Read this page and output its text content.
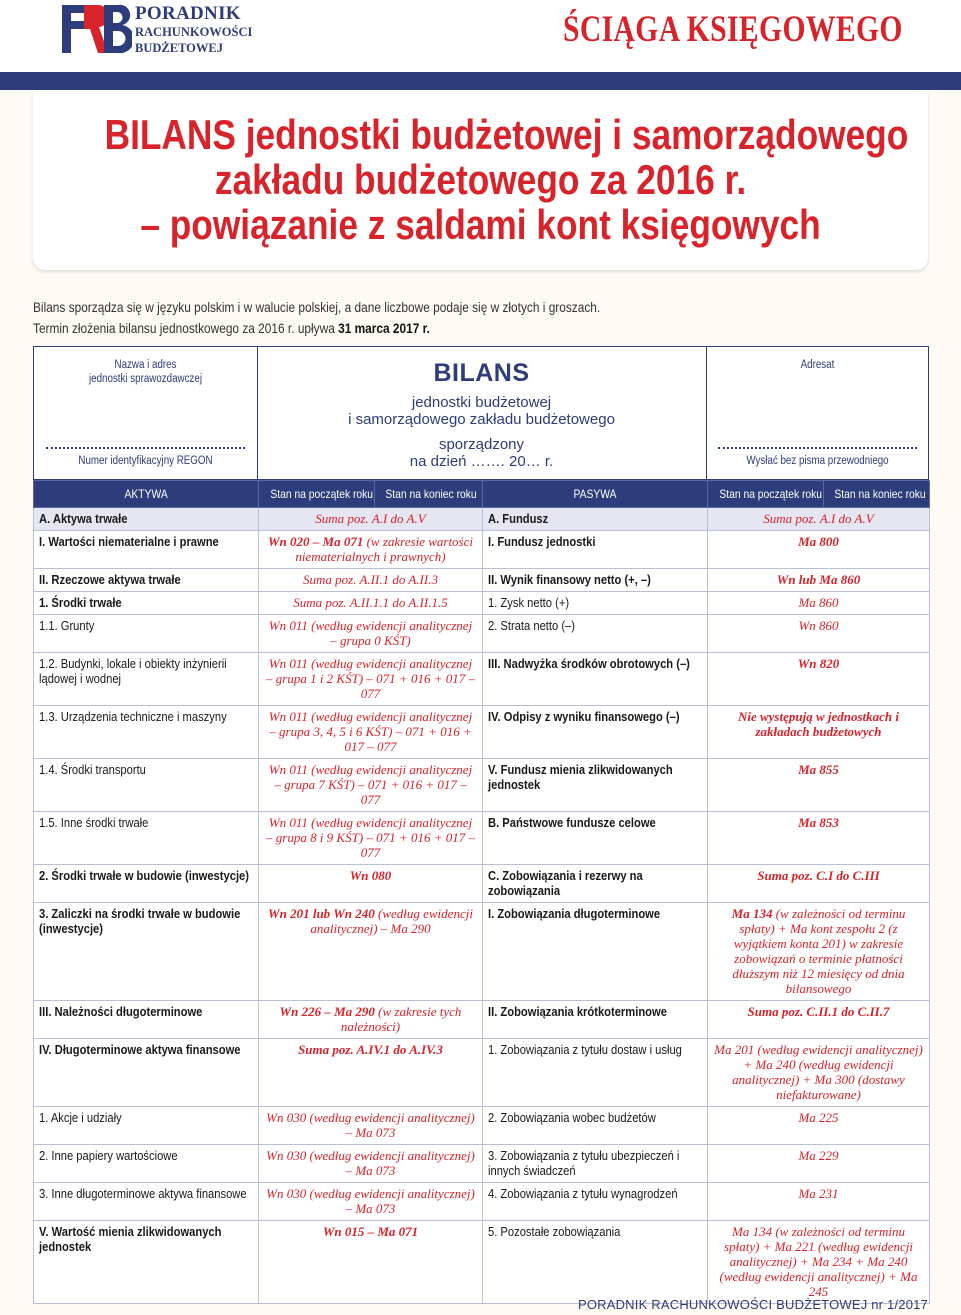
PORADNIK
RACHUNKOWOŚCI
BUDŻETOWEJ	ŚCIĄGA KSIĘGOWEGO
BILANS jednostki budżetowej i samorządowego
zakładu budżetowego za 2016 r.
– powiązanie z saldami kont księgowych
Bilans sporządza się w języku polskim i w walucie polskiej, a dane liczbowe podaje się w złotych i groszach.
Termin złożenia bilansu jednostkowego za 2016 r. upływa 31 marca 2017 r.
Nazwa i adres
jednostki sprawozdawczej
Numer identyfikacyjny REGON
BILANS
jednostki budżetowej
i samorządowego zakładu budżetowego
sporządzony
na dzień ……. 20… r.
Adresat
Wysłać bez pisma przewodniego
AKTYWA	Stan na początek roku	Stan na koniec roku	PASYWA	Stan na początek roku	Stan na koniec roku

A. Aktywa trwałe	Suma poz. A.I do A.V		A. Fundusz	Suma poz. A.I do A.V	

I. Wartości niematerialne i prawne	Wn 020 – Ma 071 (w zakresie wartości niematerialnych i prawnych)		I. Fundusz jednostki	Ma 800	

II. Rzeczowe aktywa trwałe	Suma poz. A.II.1 do A.II.3		II. Wynik finansowy netto (+, –)	Wn lub Ma 860	

1. Środki trwałe	Suma poz. A.II.1.1 do A.II.1.5		1. Zysk netto (+)	Ma 860	

1.1. Grunty	Wn 011 (według ewidencji analitycznej – grupa 0 KŚT)		2. Strata netto (–)	Wn 860	

1.2. Budynki, lokale i obiekty inżynierii lądowej i wodnej	Wn 011 (według ewidencji analitycznej – grupa 1 i 2 KŚT) – 071 + 016 + 017 – 077		III. Nadwyżka środków obrotowych (–)	Wn 820	

1.3. Urządzenia techniczne i maszyny	Wn 011 (według ewidencji analitycznej – grupa 3, 4, 5 i 6 KŚT) – 071 + 016 + 017 – 077		IV. Odpisy z wyniku finansowego (–)	Nie występują w jednostkach i zakładach budżetowych	

1.4. Środki transportu	Wn 011 (według ewidencji analitycznej – grupa 7 KŚT) – 071 + 016 + 017 – 077		V. Fundusz mienia zlikwidowanych jednostek	Ma 855	

1.5. Inne środki trwałe	Wn 011 (według ewidencji analitycznej – grupa 8 i 9 KŚT) – 071 + 016 + 017 – 077		B. Państwowe fundusze celowe	Ma 853	

2. Środki trwałe w budowie (inwestycje)	Wn 080		C. Zobowiązania i rezerwy na zobowiązania	Suma poz. C.I do C.III	

3. Zaliczki na środki trwałe w budowie (inwestycje)	Wn 201 lub Wn 240 (według ewidencji analitycznej) – Ma 290		I. Zobowiązania długoterminowe	Ma 134 (w zależności od terminu spłaty) + Ma kont zespołu 2 (z wyjątkiem konta 201) w zakresie zobowiązań o terminie płatności dłuższym niż 12 miesięcy od dnia bilansowego	

III. Należności długoterminowe	Wn 226 – Ma 290 (w zakresie tych należności)		II. Zobowiązania krótkoterminowe	Suma poz. C.II.1 do C.II.7	

IV. Długoterminowe aktywa finansowe	Suma poz. A.IV.1 do A.IV.3		1. Zobowiązania z tytułu dostaw i usług	Ma 201 (według ewidencji analitycznej) + Ma 240 (według ewidencji analitycznej) + Ma 300 (dostawy niefakturowane)	

1. Akcje i udziały	Wn 030 (według ewidencji analitycznej) – Ma 073		2. Zobowiązania wobec budżetów	Ma 225	

2. Inne papiery wartościowe	Wn 030 (według ewidencji analitycznej) – Ma 073		3. Zobowiązania z tytułu ubezpieczeń i innych świadczeń	Ma 229	

3. Inne długoterminowe aktywa finansowe	Wn 030 (według ewidencji analitycznej) – Ma 073		4. Zobowiązania z tytułu wynagrodzeń	Ma 231	

V. Wartość mienia zlikwidowanych jednostek	Wn 015 – Ma 071		5. Pozostałe zobowiązania	Ma 134 (w zależności od terminu spłaty) + Ma 221 (według ewidencji analitycznej) + Ma 234 + Ma 240 (według ewidencji analitycznej) + Ma 245	
PORADNIK RACHUNKOWOŚCI BUDŻETOWEJ nr 1/2017
